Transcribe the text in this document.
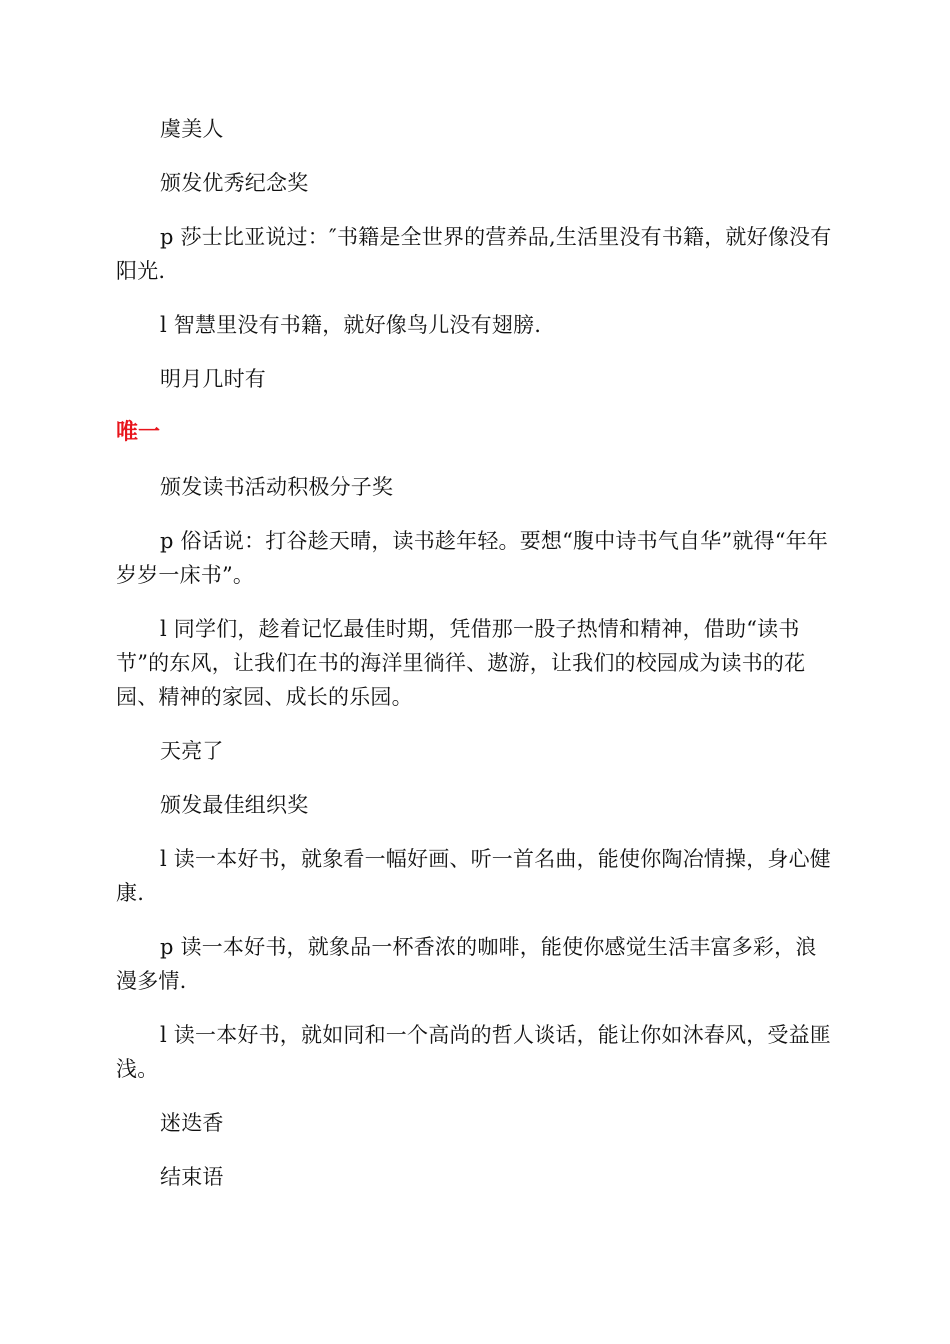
虞美人

颁发优秀纪念奖

p 莎士比亚说过：″书籍是全世界的营养品,生活里没有书籍，就好像没有阳光.

l 智慧里没有书籍，就好像鸟儿没有翅膀.

明月几时有

唯一

颁发读书活动积极分子奖

p 俗话说：打谷趁天晴，读书趁年轻。要想“腹中诗书气自华”就得“年年岁岁一床书”。

l 同学们，趁着记忆最佳时期，凭借那一股子热情和精神，借助“读书节”的东风，让我们在书的海洋里徜徉、遨游，让我们的校园成为读书的花园、精神的家园、成长的乐园。

天亮了

颁发最佳组织奖

l 读一本好书，就象看一幅好画、听一首名曲，能使你陶冶情操，身心健康.

p 读一本好书，就象品一杯香浓的咖啡，能使你感觉生活丰富多彩，浪漫多情.

l 读一本好书，就如同和一个高尚的哲人谈话，能让你如沐春风，受益匪浅。

迷迭香

结束语
